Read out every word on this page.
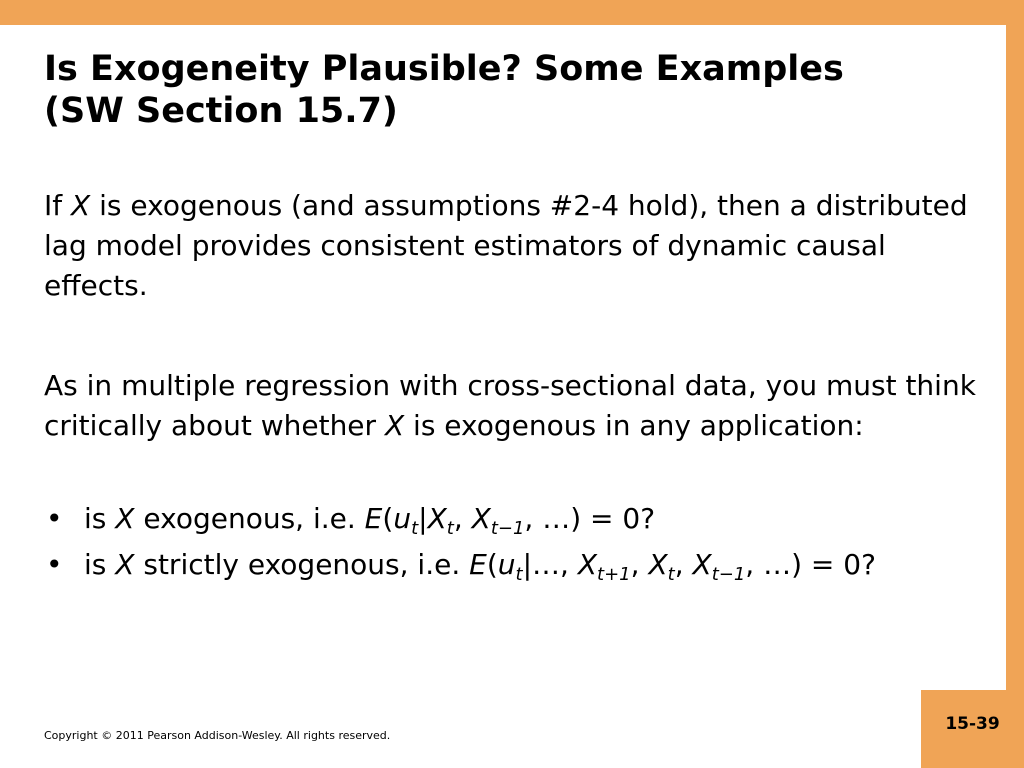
15-39
Is Exogeneity Plausible? Some Examples
(SW Section 15.7)

If X is exogenous (and assumptions #2-4 hold), then a distributed lag model provides consistent estimators of dynamic causal effects.

As in multiple regression with cross-sectional data, you must think critically about whether X is exogenous in any application:

• is X exogenous, i.e. $E(u_t|X_t$, $X_{t-1}$, …) = 0?
• is X strictly exogenous, i.e. $E(u_t|\dots$, $X_{t+1}$, $X_t$, $X_{t-1}$, …) = 0?
Copyright © 2011 Pearson Addison-Wesley. All rights reserved.
